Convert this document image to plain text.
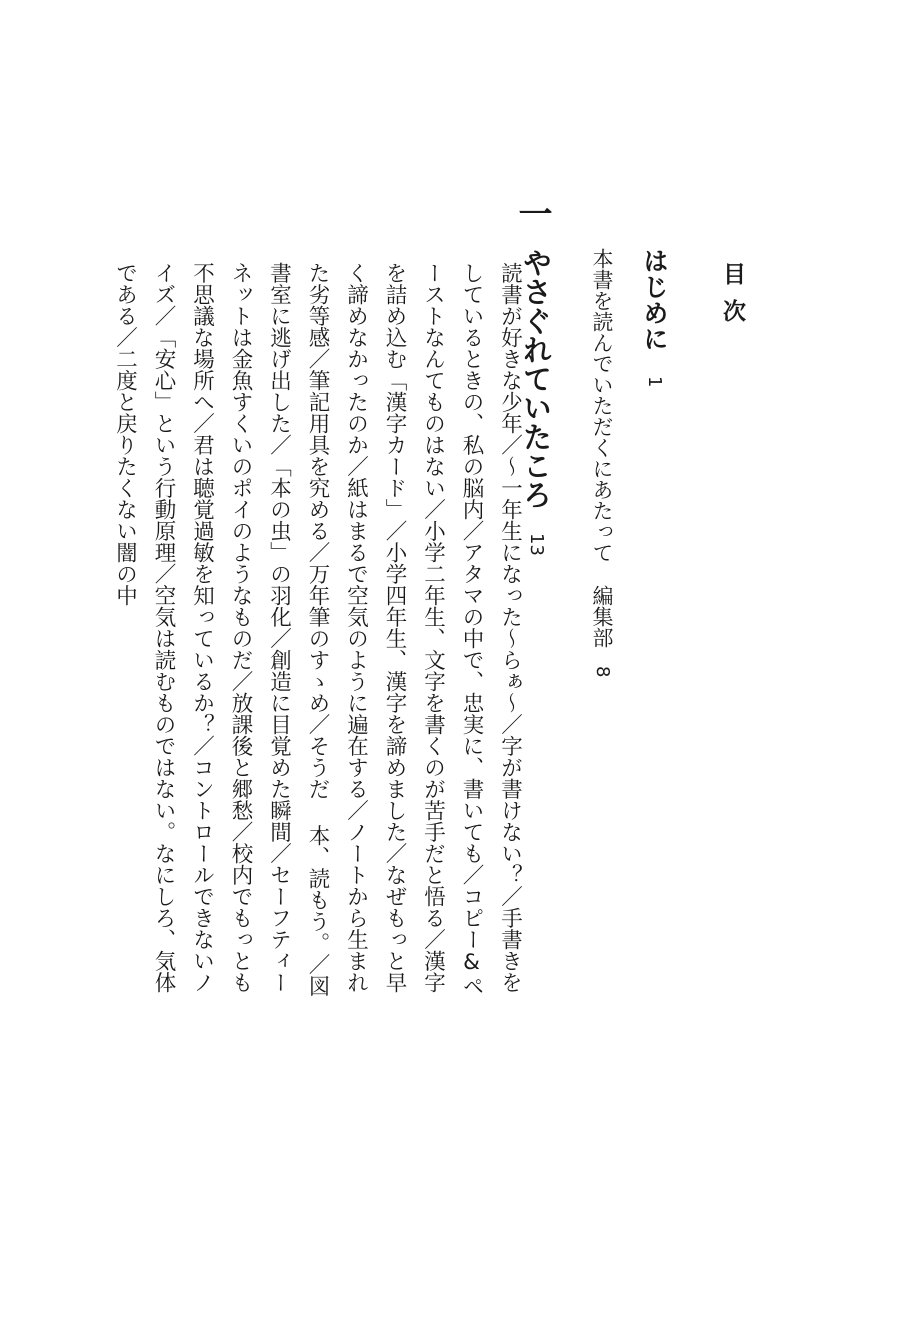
目次

はじめに1

本書を読んでいただくにあたって編集部8

一
やさぐれていたころ13
読書が好きな少年／〜一年生になった〜らぁ〜／字が書けない？／手書きを
しているときの、私の脳内／アタマの中で、忠実に、書いても／コピー&ペ
ーストなんてものはない／小学二年生、文字を書くのが苦手だと悟る／漢字
を詰め込む「漢字カード」／小学四年生、漢字を諦めました／なぜもっと早
く諦めなかったのか／紙はまるで空気のように遍在する／ノートから生まれ
た劣等感／筆記用具を究める／万年筆のすゝめ／そうだ 本、読もう。／図
書室に逃げ出した／「本の虫」の羽化／創造に目覚めた瞬間／セーフティー
ネットは金魚すくいのポイのようなものだ／放課後と郷愁／校内でもっとも
不思議な場所へ／君は聴覚過敏を知っているか？／コントロールできないノ
イズ／「安心」という行動原理／空気は読むものではない。なにしろ、気体
である／二度と戻りたくない闇の中
